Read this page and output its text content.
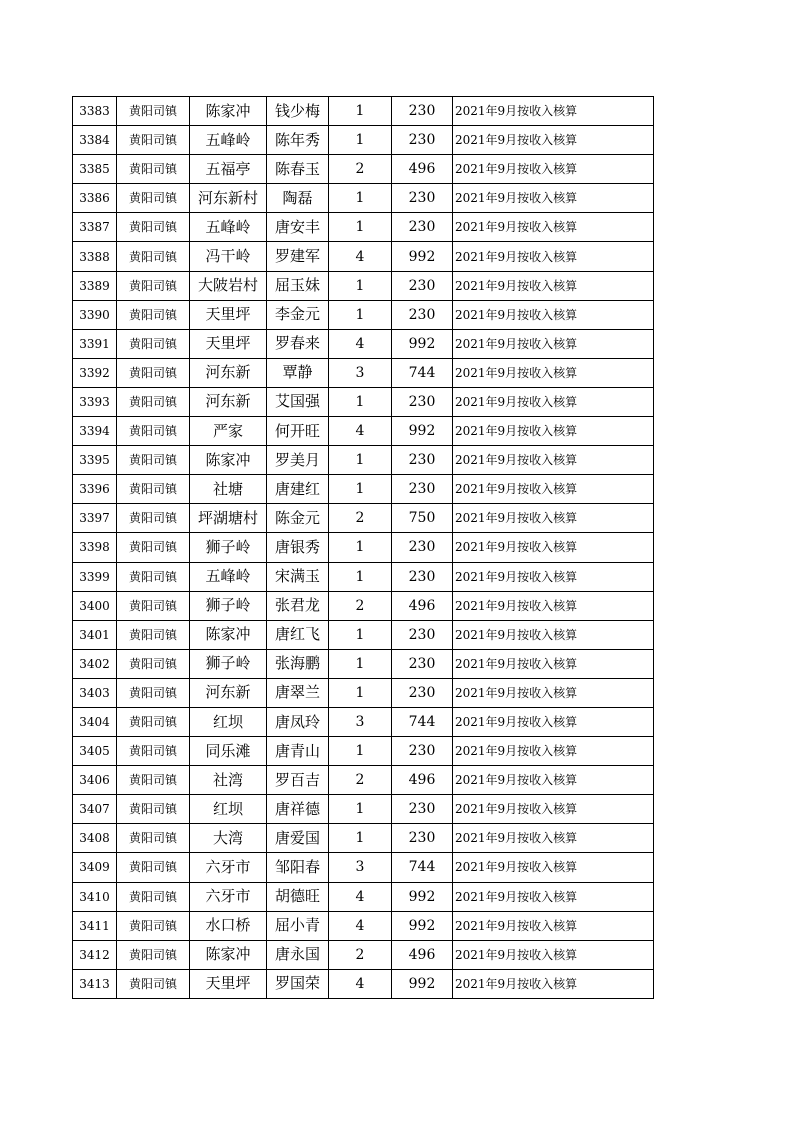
3383	黄阳司镇	陈家冲	钱少梅	1	230	2021年9月按收入核算
3384	黄阳司镇	五峰岭	陈年秀	1	230	2021年9月按收入核算
3385	黄阳司镇	五福亭	陈春玉	2	496	2021年9月按收入核算
3386	黄阳司镇	河东新村	陶磊	1	230	2021年9月按收入核算
3387	黄阳司镇	五峰岭	唐安丰	1	230	2021年9月按收入核算
3388	黄阳司镇	冯干岭	罗建军	4	992	2021年9月按收入核算
3389	黄阳司镇	大陂岩村	屈玉妹	1	230	2021年9月按收入核算
3390	黄阳司镇	天里坪	李金元	1	230	2021年9月按收入核算
3391	黄阳司镇	天里坪	罗春来	4	992	2021年9月按收入核算
3392	黄阳司镇	河东新	覃静	3	744	2021年9月按收入核算
3393	黄阳司镇	河东新	艾国强	1	230	2021年9月按收入核算
3394	黄阳司镇	严家	何开旺	4	992	2021年9月按收入核算
3395	黄阳司镇	陈家冲	罗美月	1	230	2021年9月按收入核算
3396	黄阳司镇	社塘	唐建红	1	230	2021年9月按收入核算
3397	黄阳司镇	坪湖塘村	陈金元	2	750	2021年9月按收入核算
3398	黄阳司镇	狮子岭	唐银秀	1	230	2021年9月按收入核算
3399	黄阳司镇	五峰岭	宋满玉	1	230	2021年9月按收入核算
3400	黄阳司镇	狮子岭	张君龙	2	496	2021年9月按收入核算
3401	黄阳司镇	陈家冲	唐红飞	1	230	2021年9月按收入核算
3402	黄阳司镇	狮子岭	张海鹏	1	230	2021年9月按收入核算
3403	黄阳司镇	河东新	唐翠兰	1	230	2021年9月按收入核算
3404	黄阳司镇	红坝	唐凤玲	3	744	2021年9月按收入核算
3405	黄阳司镇	同乐滩	唐青山	1	230	2021年9月按收入核算
3406	黄阳司镇	社湾	罗百吉	2	496	2021年9月按收入核算
3407	黄阳司镇	红坝	唐祥德	1	230	2021年9月按收入核算
3408	黄阳司镇	大湾	唐爱国	1	230	2021年9月按收入核算
3409	黄阳司镇	六牙市	邹阳春	3	744	2021年9月按收入核算
3410	黄阳司镇	六牙市	胡德旺	4	992	2021年9月按收入核算
3411	黄阳司镇	水口桥	屈小青	4	992	2021年9月按收入核算
3412	黄阳司镇	陈家冲	唐永国	2	496	2021年9月按收入核算
3413	黄阳司镇	天里坪	罗国荣	4	992	2021年9月按收入核算
